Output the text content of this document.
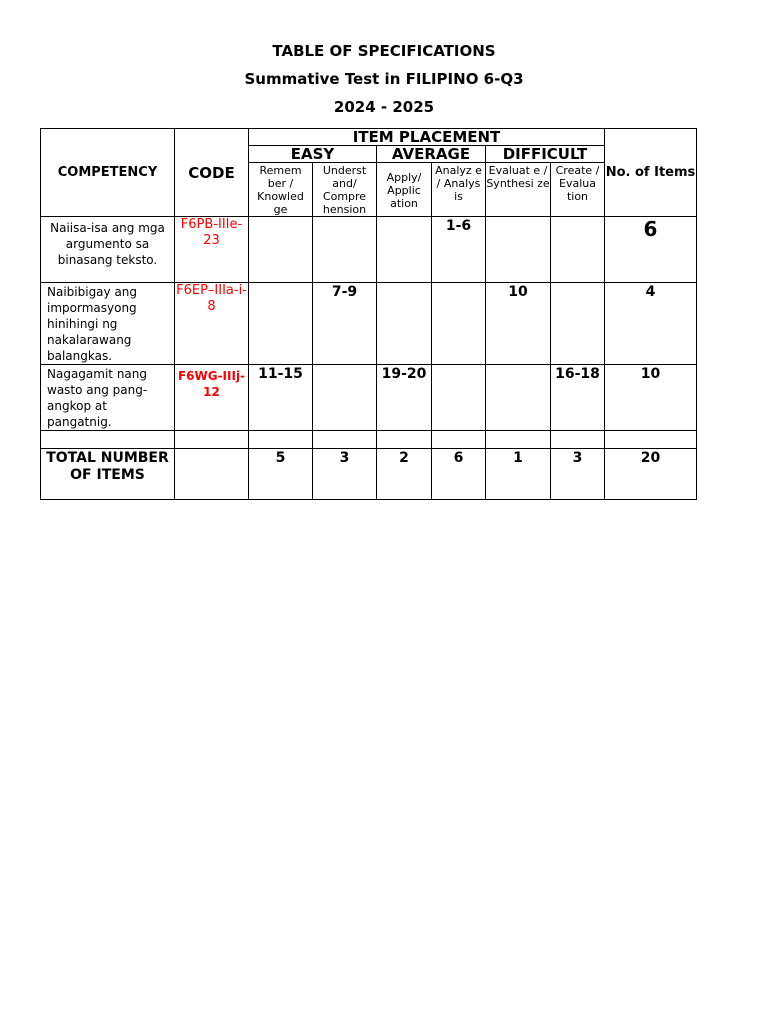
TABLE OF SPECIFICATIONS
Summative Test in FILIPINO 6-Q3
2024 - 2025
COMPETENCY	CODE	ITEM PLACEMENT						No. of Items
		EASY		AVERAGE		DIFFICULT		
		Remem ber / Knowled ge	Underst and/ Compre hension	Apply/ Applic ation	Analyz e / Analys is	Evaluat e / Synthesi ze	Create / Evalua tion	
Naiisa-isa ang mga argumento sa binasang teksto.	F6PB-IIIe-23				1-6			6
Naibibigay ang impormasyong hinihingi ng nakalarawang balangkas.	F6EP–IIIa-i-8		7-9			10		4
Nagagamit nang wasto ang pang-angkop at pangatnig.	F6WG-IIIj-12	11-15		19-20			16-18	10

TOTAL NUMBER OF ITEMS		5	3	2	6	1	3	20
